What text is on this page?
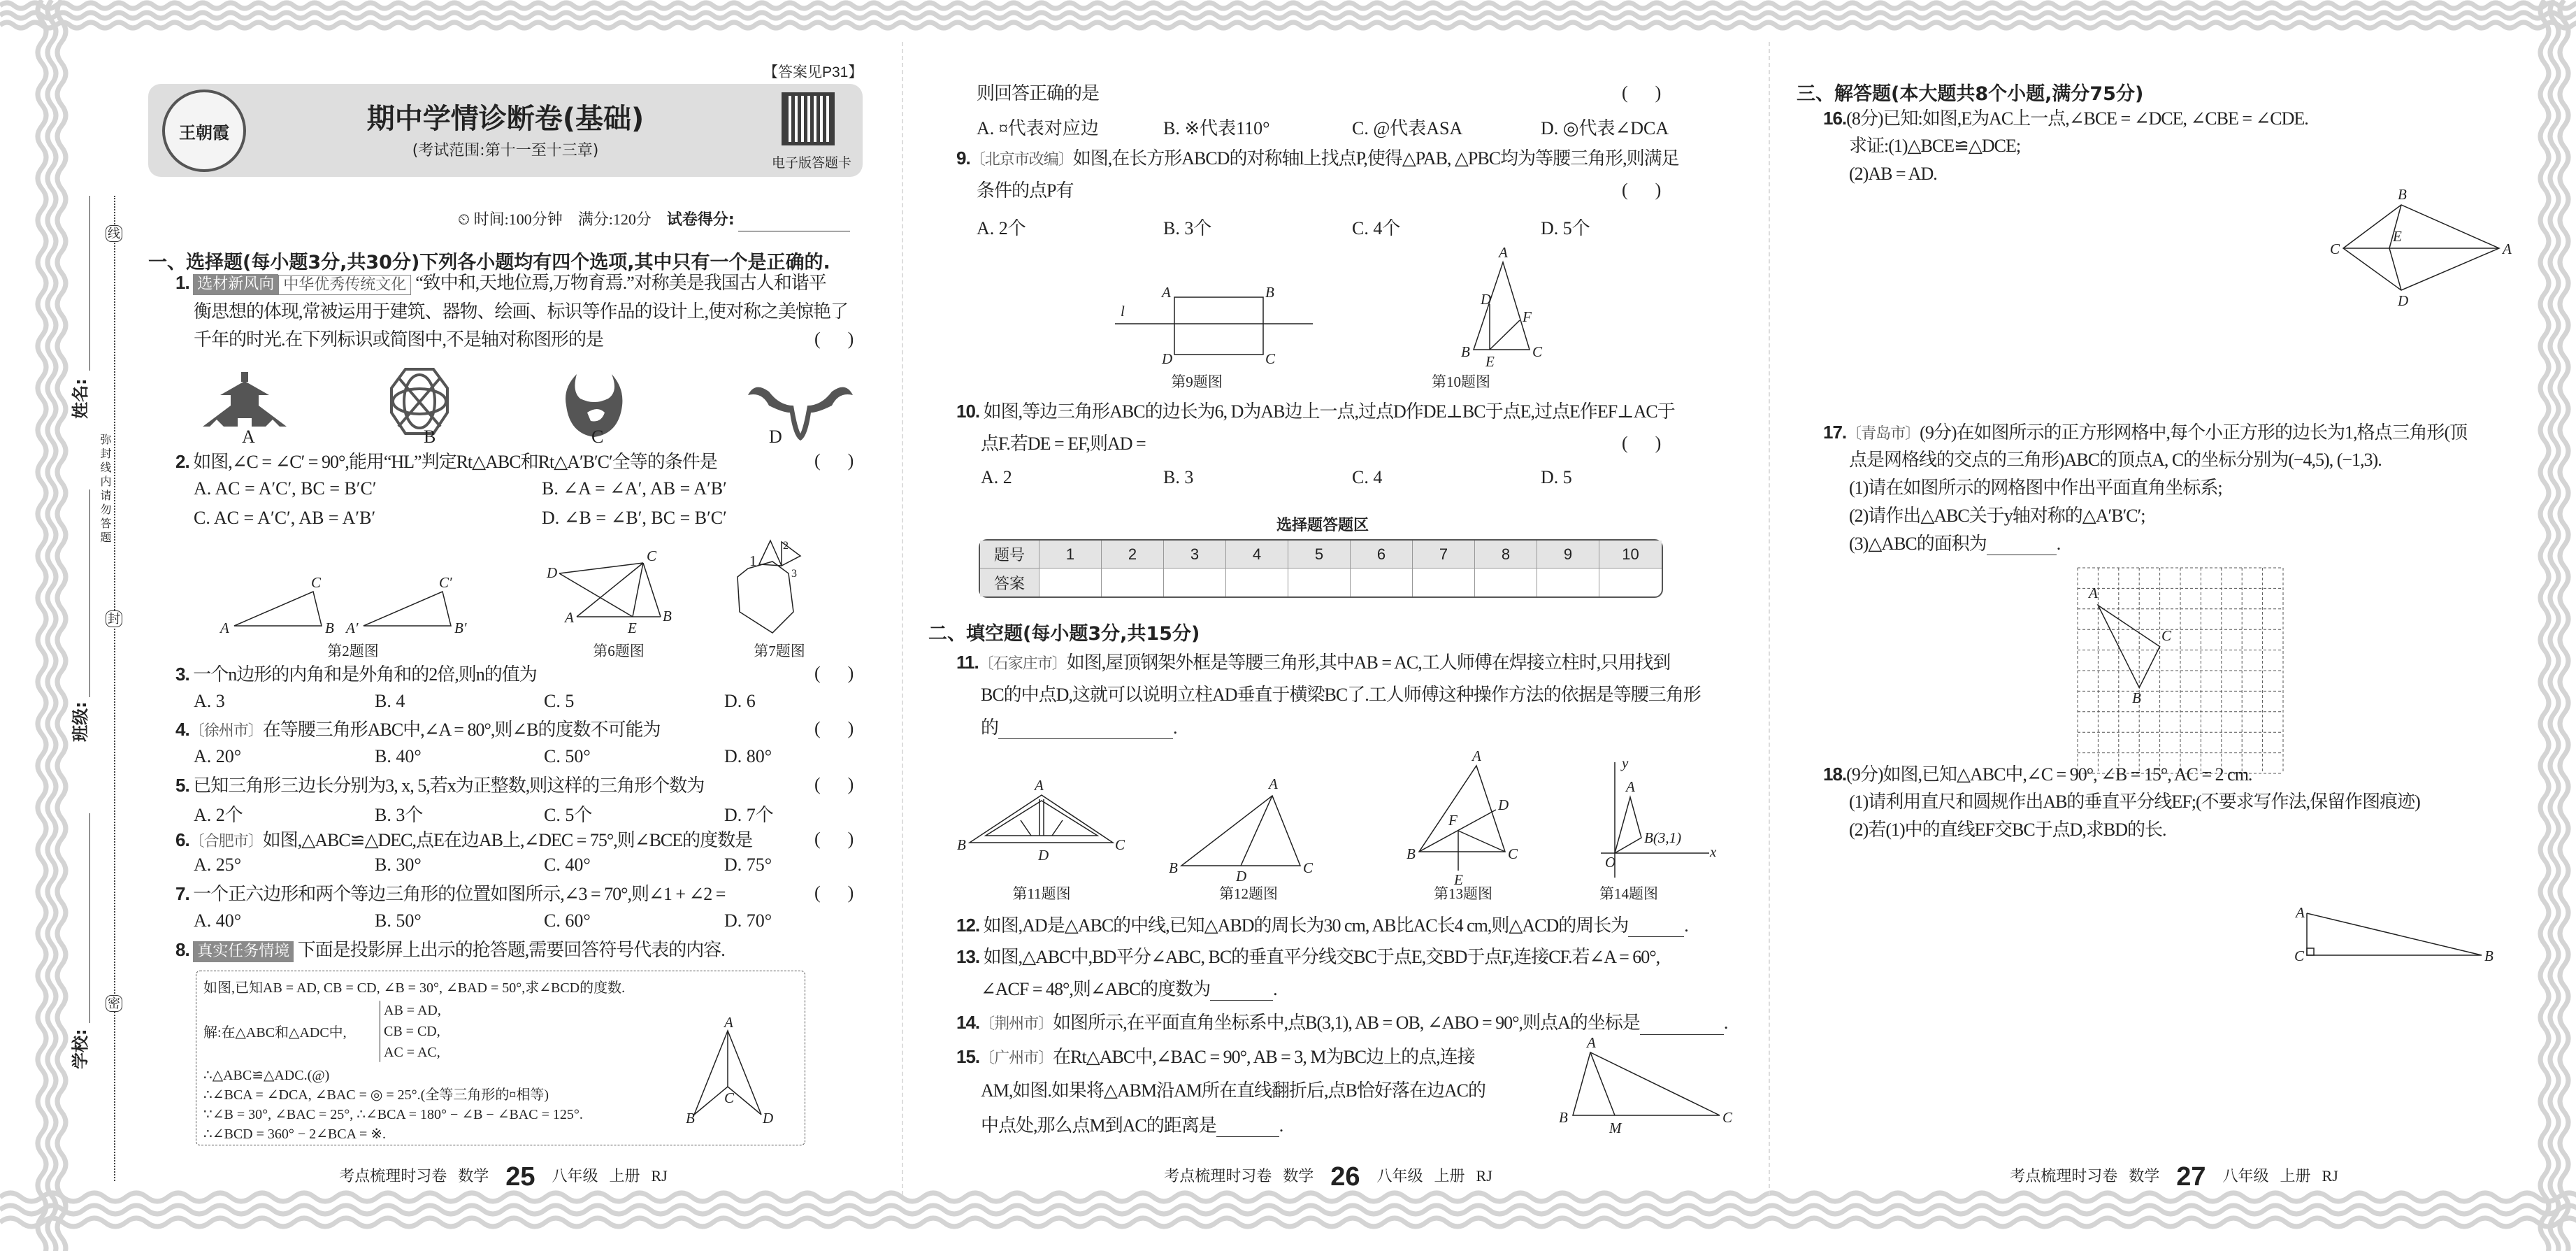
线
封
密
弥封线内请勿答题
姓名:
班级:
学校:
【答案见P31】
王朝霞	期中学情诊断卷(基础)
(考试范围:第十一至十三章)
电子版答题卡
⏲ 时间:100分钟 满分:120分 试卷得分:
一、选择题(每小题3分,共30分)下列各小题均有四个选项,其中只有一个是正确的.
1. 选材新风向 中华优秀传统文化 “致中和,天地位焉,万物育焉.”对称美是我国古人和谐平
衡思想的体现,常被运用于建筑、器物、绘画、标识等作品的设计上,使对称之美惊艳了
千年的时光.在下列标识或简图中,不是轴对称图形的是	(      )
A	B	C	D
2. 如图,∠C = ∠C′ = 90°,能用“HL”判定Rt△ABC和Rt△A′B′C′全等的条件是	(      )
A. AC = A′C′, BC = B′C′	B. ∠A = ∠A′, AB = A′B′
C. AC = A′C′, AB = A′B′	D. ∠B = ∠B′, BC = B′C′
A	B
C
A′	B′
C′
第2题图
A	B
C
D
E
第6题图
1
2
3
第7题图
3. 一个n边形的内角和是外角和的2倍,则n的值为	(      )
A. 3	B. 4	C. 5	D. 6
4.〔徐州市〕在等腰三角形ABC中,∠A = 80°,则∠B的度数不可能为	(      )
A. 20°	B. 40°	C. 50°	D. 80°
5. 已知三角形三边长分别为3, x, 5,若x为正整数,则这样的三角形个数为	(      )
A. 2个	B. 3个	C. 5个	D. 7个
6.〔合肥市〕如图,△ABC≌△DEC,点E在边AB上,∠DEC = 75°,则∠BCE的度数是	(      )
A. 25°	B. 30°	C. 40°	D. 75°
7. 一个正六边形和两个等边三角形的位置如图所示,∠3 = 70°,则∠1 + ∠2 =	(      )
A. 40°	B. 50°	C. 60°	D. 70°
8. 真实任务情境 下面是投影屏上出示的抢答题,需要回答符号代表的内容.
如图,已知AB = AD, CB = CD, ∠B = 30°, ∠BAD = 50°,求∠BCD的度数.
解:在△ABC和△ADC中,
AB = AD,
CB = CD,
AC = AC,
∴△ABC≌△ADC.(@)
∴∠BCA = ∠DCA, ∠BAC = ◎ = 25°.(全等三角形的¤相等)
∵∠B = 30°, ∠BAC = 25°, ∴∠BCA = 180° − ∠B − ∠BAC = 125°.
∴∠BCD = 360° − 2∠BCA = ※.
A
B
C
D
考点梳理时习卷 数学 25 八年级 上册 RJ
则回答正确的是	(      )
A. ¤代表对应边	B. ※代表110°	C. @代表ASA	D. ◎代表∠DCA
9.〔北京市改编〕如图,在长方形ABCD的对称轴l上找点P,使得△PAB, △PBC均为等腰三角形,则满足
条件的点P有	(      )
A. 2个	B. 3个	C. 4个	D. 5个
A	B
C
D
l
第9题图
A
B	C
D
E
F
第10题图
10. 如图,等边三角形ABC的边长为6, D为AB边上一点,过点D作DE⊥BC于点E,过点E作EF⊥AC于
点F.若DE = EF,则AD =	(      )
A. 2	B. 3	C. 4	D. 5
选择题答题区
题号	1	2	3	4	5	6	7	8	9	10
答案										
二、填空题(每小题3分,共15分)
11.〔石家庄市〕如图,屋顶钢架外框是等腰三角形,其中AB = AC,工人师傅在焊接立柱时,只用找到
BC的中点D,这就可以说明立柱AD垂直于横梁BC了.工人师傅这种操作方法的依据是等腰三角形
的	.
A
B	C
D
第11题图
A
B	C
D
第12题图
A
B	C
D
E
F
第13题图
y
x
O
A
B(3,1)
第14题图
12. 如图,AD是△ABC的中线,已知△ABD的周长为30 cm, AB比AC长4 cm,则△ACD的周长为	.
13. 如图,△ABC中,BD平分∠ABC, BC的垂直平分线交BC于点E,交BD于点F,连接CF.若∠A = 60°,
∠ACF = 48°,则∠ABC的度数为	.
14.〔荆州市〕如图所示,在平面直角坐标系中,点B(3,1), AB = OB, ∠ABO = 90°,则点A的坐标是	.
15.〔广州市〕在Rt△ABC中,∠BAC = 90°, AB = 3, M为BC边上的点,连接
AM,如图.如果将△ABM沿AM所在直线翻折后,点B恰好落在边AC的
中点处,那么点M到AC的距离是	.
A
B	C
M
考点梳理时习卷 数学 26 八年级 上册 RJ
三、解答题(本大题共8个小题,满分75分)
16.(8分)已知:如图,E为AC上一点,∠BCE = ∠DCE, ∠CBE = ∠CDE.
求证:(1)△BCE≌△DCE;
(2)AB = AD.
A
B
C
D
E
17.〔青岛市〕(9分)在如图所示的正方形网格中,每个小正方形的边长为1,格点三角形(顶
点是网格线的交点的三角形)ABC的顶点A, C的坐标分别为(−4,5), (−1,3).
(1)请在如图所示的网格图中作出平面直角坐标系;
(2)请作出△ABC关于y轴对称的△A′B′C′;
(3)△ABC的面积为	.
A
B
C
18.(9分)如图,已知△ABC中,∠C = 90°, ∠B = 15°, AC = 2 cm.
(1)请利用直尺和圆规作出AB的垂直平分线EF;(不要求写作法,保留作图痕迹)
(2)若(1)中的直线EF交BC于点D,求BD的长.
A
B
C
考点梳理时习卷 数学 27 八年级 上册 RJ
